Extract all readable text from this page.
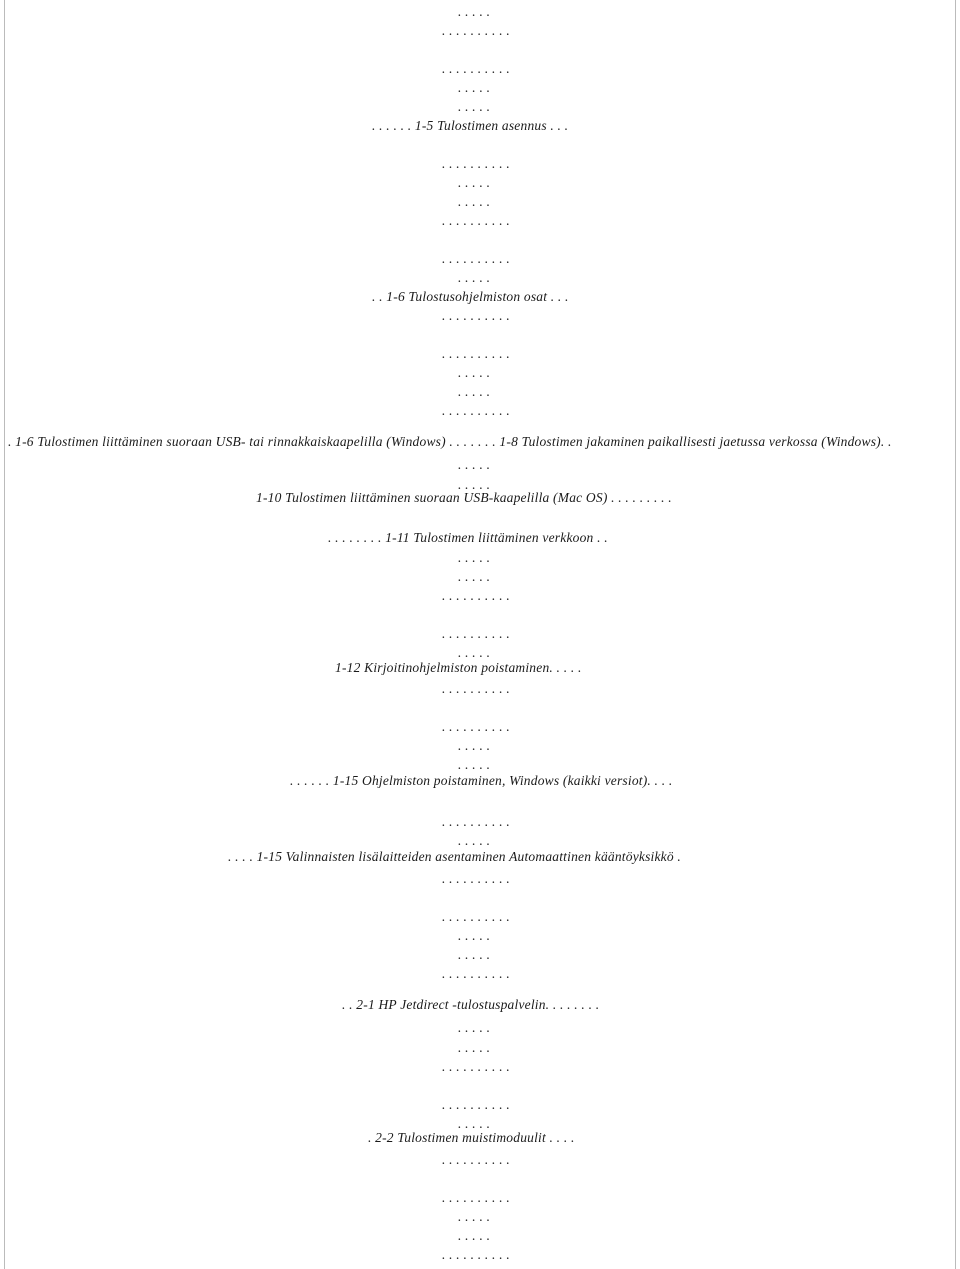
. . . . .
. . . . . . . . . .
. . . . . . . . . .
. . . . .
. . . . .
. . . . . . 1-5 Tulostimen asennus . . .
. . . . . . . . . .
. . . . .
. . . . .
. . . . . . . . . .
. . . . . . . . . .
. . . . .
. . 1-6 Tulostusohjelmiston osat . . .
. . . . . . . . . .
. . . . . . . . . .
. . . . .
. . . . .
. . . . . . . . . .
. 1-6 Tulostimen liittäminen suoraan USB- tai rinnakkaiskaapelilla (Windows) . . . . . . . 1-8 Tulostimen jakaminen paikallisesti jaetussa verkossa (Windows). .
. . . . .
. . . . .
1-10 Tulostimen liittäminen suoraan USB-kaapelilla (Mac OS) . . . . . . . . .
. . . . . . . . 1-11 Tulostimen liittäminen verkkoon . .
. . . . .
. . . . .
. . . . . . . . . .
. . . . . . . . . .
. . . . .
1-12 Kirjoitinohjelmiston poistaminen. . . . .
. . . . . . . . . .
. . . . . . . . . .
. . . . .
. . . . .
. . . . . . 1-15 Ohjelmiston poistaminen, Windows (kaikki versiot). . . .
. . . . . . . . . .
. . . . .
. . . . 1-15 Valinnaisten lisälaitteiden asentaminen Automaattinen kääntöyksikkö .
. . . . . . . . . .
. . . . . . . . . .
. . . . .
. . . . .
. . . . . . . . . .
. . 2-1 HP Jetdirect -tulostuspalvelin. . . . . . . .
. . . . .
. . . . .
. . . . . . . . . .
. . . . . . . . . .
. . . . .
. 2-2 Tulostimen muistimoduulit . . . .
. . . . . . . . . .
. . . . . . . . . .
. . . . .
. . . . .
. . . . . . . . . .
